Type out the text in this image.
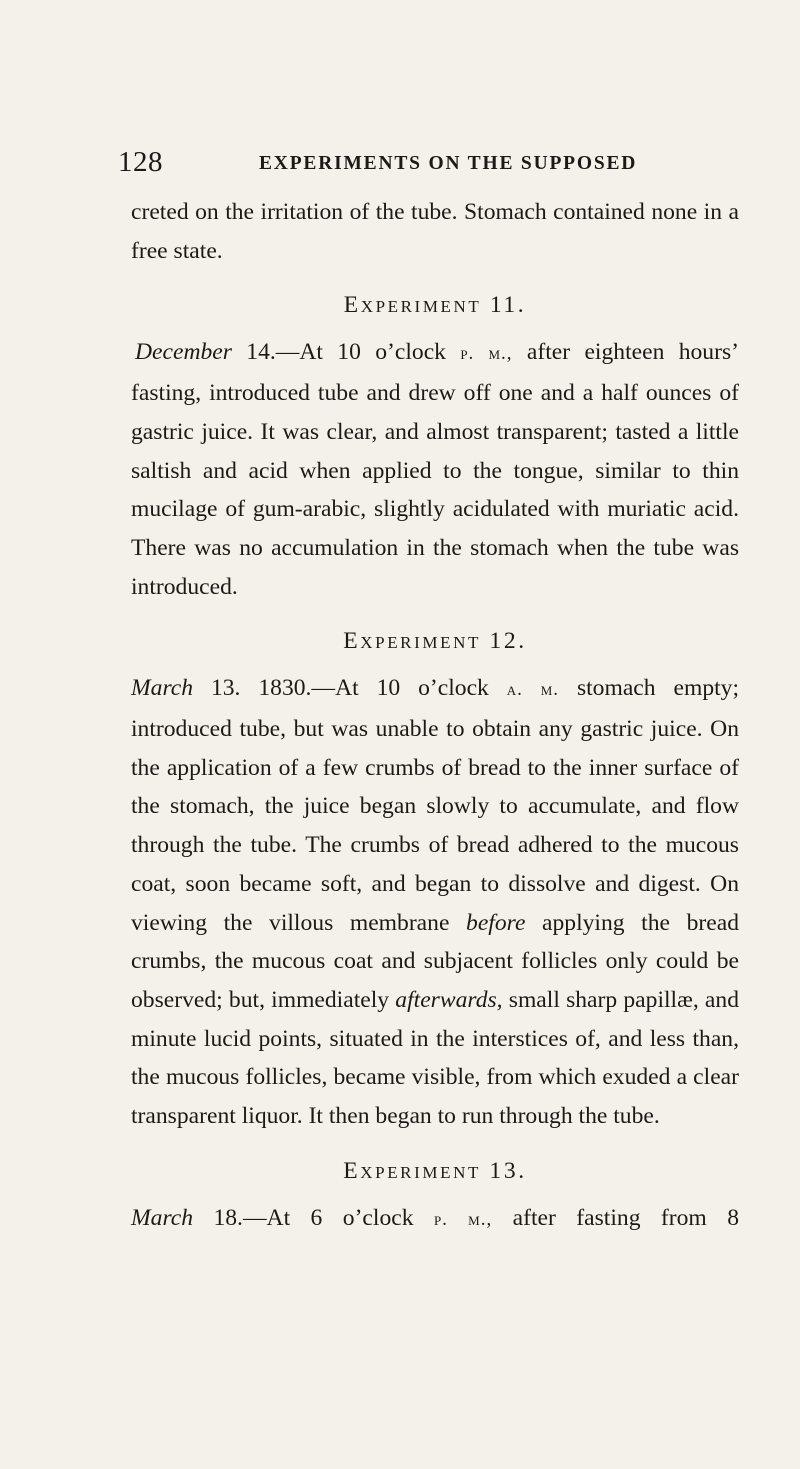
128	EXPERIMENTS ON THE SUPPOSED

creted on the irritation of the tube. Stomach contained none in a free state.

Experiment 11.

December 14.—At 10 o’clock p. m., after eighteen hours’ fasting, introduced tube and drew off one and a half ounces of gastric juice. It was clear, and almost transparent; tasted a little saltish and acid when applied to the tongue, similar to thin mucilage of gum-arabic, slightly acidulated with muriatic acid. There was no accumulation in the stomach when the tube was introduced.

Experiment 12.

March 13. 1830.—At 10 o’clock a. m. stomach empty; introduced tube, but was unable to obtain any gastric juice. On the application of a few crumbs of bread to the inner surface of the stomach, the juice began slowly to accumulate, and flow through the tube. The crumbs of bread adhered to the mucous coat, soon became soft, and began to dissolve and digest. On viewing the villous membrane before applying the bread crumbs, the mucous coat and subjacent follicles only could be observed; but, immediately afterwards, small sharp papillæ, and minute lucid points, situated in the interstices of, and less than, the mucous follicles, became visible, from which exuded a clear transparent liquor. It then began to run through the tube.

Experiment 13.

March 18.—At 6 o’clock p. m., after fasting from 8
